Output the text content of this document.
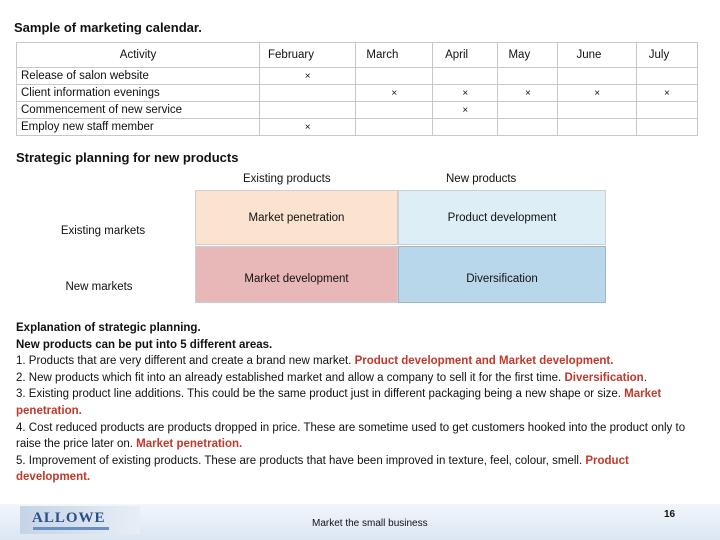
Sample of marketing calendar.
Activity	February	March	April	May	June	July
Release of salon website	×					
Client information evenings		×	×	×	×	×
Commencement of new service			×			
Employ new staff member	×					
Strategic planning for new products
Existing products	New products
Existing markets
New markets
Market penetration	Product development
Market development	Diversification
Explanation of strategic planning.
New products can be put into 5 different areas.
1. Products that are very different and create a brand new market. Product development and Market development.
2. New products which fit into an already established market and allow a company to sell it for the first time. Diversification.
3. Existing product line additions. This could be the same product just in different packaging being a new shape or size. Market penetration.
4. Cost reduced products are products dropped in price. These are sometime used to get customers hooked into the product only to raise the price later on. Market penetration.
5. Improvement of existing products. These are products that have been improved in texture, feel, colour, smell. Product development.
ALLOWE	Market the small business
16
